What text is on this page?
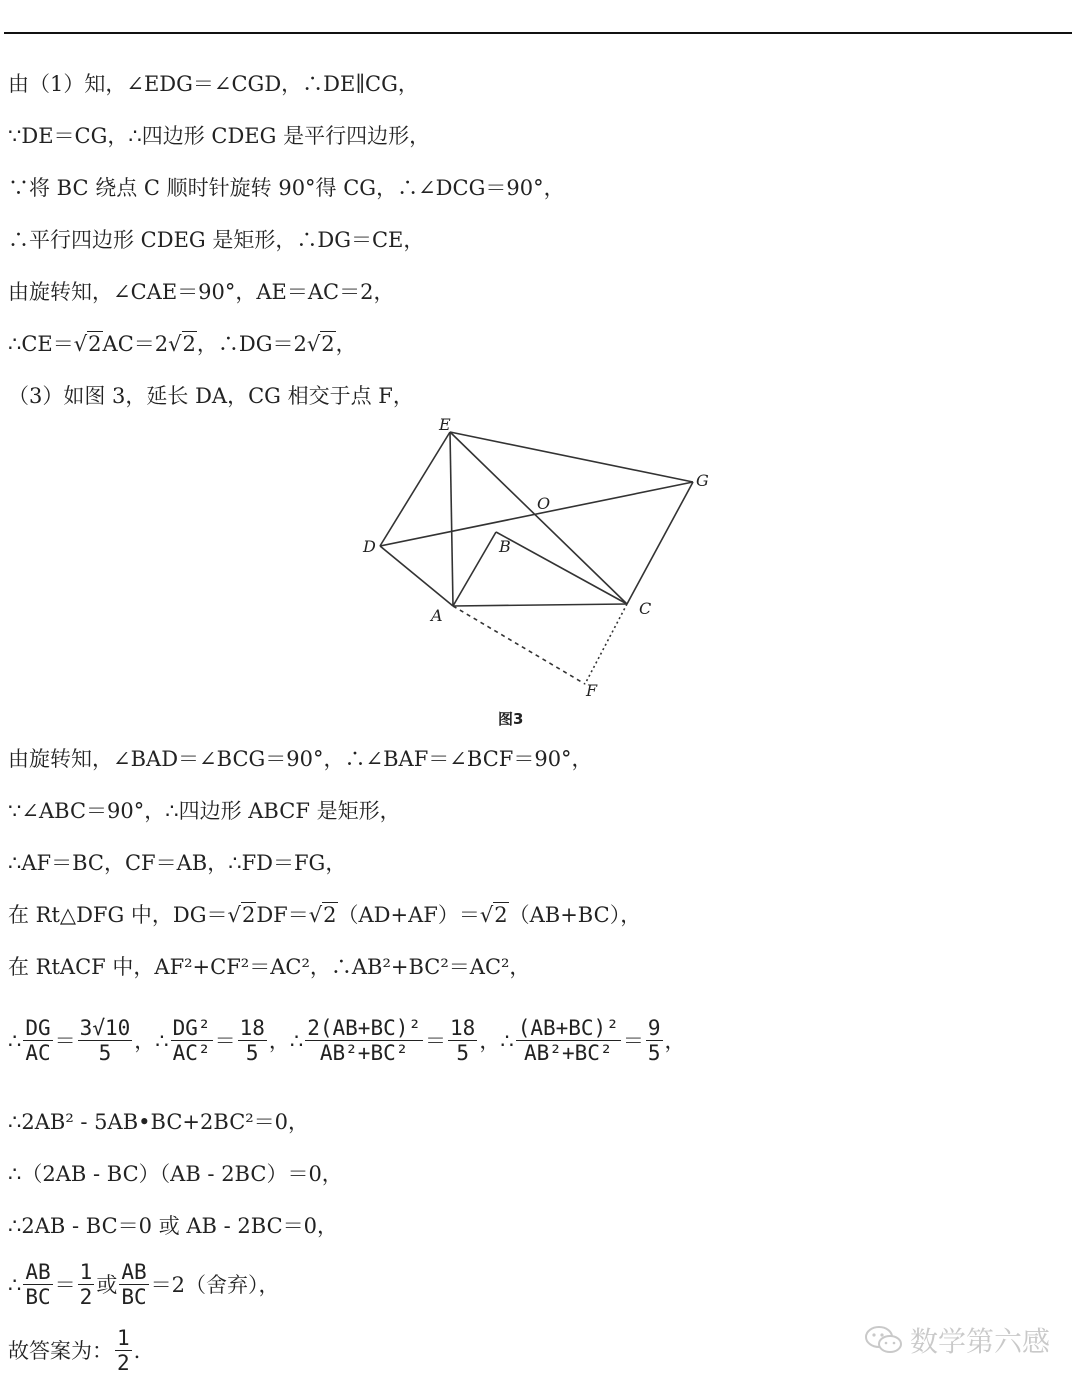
由（1）知，∠EDG＝∠CGD，∴DE∥CG，
∵DE＝CG，∴四边形 CDEG 是平行四边形，
∵将 BC 绕点 C 顺时针旋转 90°得 CG，∴∠DCG＝90°，
∴平行四边形 CDEG 是矩形，∴DG＝CE，
由旋转知，∠CAE＝90°，AE＝AC＝2，
∴CE＝√2AC＝2√2，∴DG＝2√2，
（3）如图 3，延长 DA，CG 相交于点 F，
E
G
O
D	B
A	C
F
图3
由旋转知，∠BAD＝∠BCG＝90°，∴∠BAF＝∠BCF＝90°，
∵∠ABC＝90°，∴四边形 ABCF 是矩形，
∴AF＝BC，CF＝AB，∴FD＝FG，
在 Rt△DFG 中，DG＝√2DF＝√2（AD+AF）＝√2（AB+BC），
在 RtACF 中，AF²+CF²＝AC²，∴AB²+BC²＝AC²，
∴ $\frac{DG}{AC} = \frac{3√10}{5}$ ， ∴ $\frac{\text{DG²}}{\text{AC²}} = \frac{18}{5}$ ， ∴ $\frac{\text{2(AB+BC)²}}{\text{AB²+BC²}} = \frac{18}{5}$ ， ∴ $\frac{\text{(AB+BC)²}}{\text{AB²+BC²}} = \frac{9}{5}$ ，
∴2AB² - 5AB•BC+2BC²＝0，
∴（2AB - BC）（AB - 2BC）＝0，
∴2AB - BC＝0 或 AB - 2BC＝0，
∴ $\frac{AB}{BC} = \frac{1}{2}$ 或 $\frac{AB}{BC} =2$（舍弃），
故答案为： $\frac{1}{2}$ .	数学第六感
